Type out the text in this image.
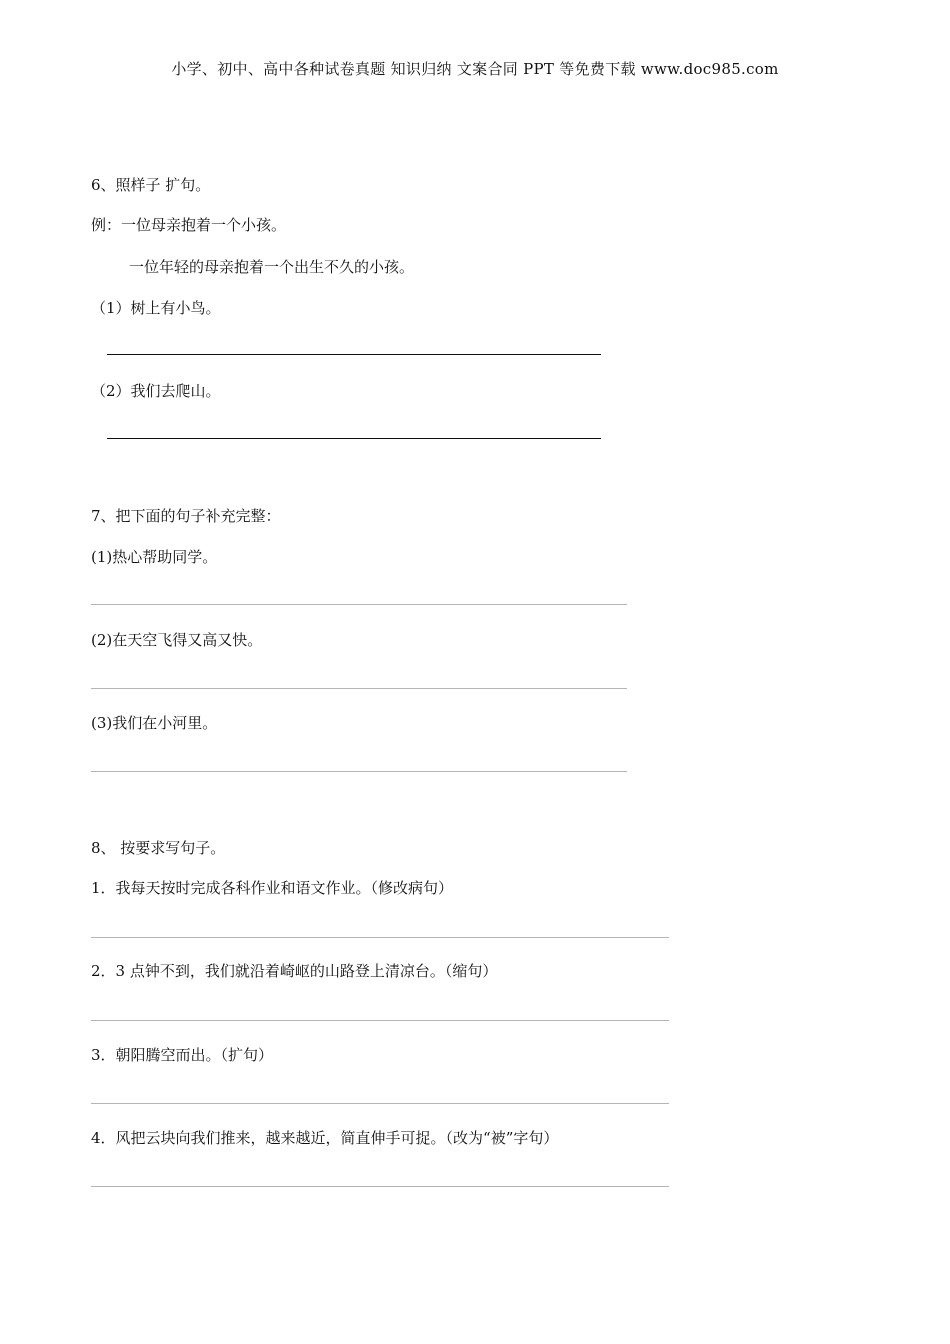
小学、初中、高中各种试卷真题 知识归纳 文案合同 PPT 等免费下载 www.doc985.com
6、照样子 扩句。
例：一位母亲抱着一个小孩。
一位年轻的母亲抱着一个出生不久的小孩。
（1）树上有小鸟。
（2）我们去爬山。
7、把下面的句子补充完整：
(1)热心帮助同学。
(2)在天空飞得又高又快。
(3)我们在小河里。
8、 按要求写句子。
1．我每天按时完成各科作业和语文作业。（修改病句）
2．3 点钟不到，我们就沿着崎岖的山路登上清凉台。（缩句）
3．朝阳腾空而出。（扩句）
4．风把云块向我们推来，越来越近，简直伸手可捉。（改为“被”字句）
